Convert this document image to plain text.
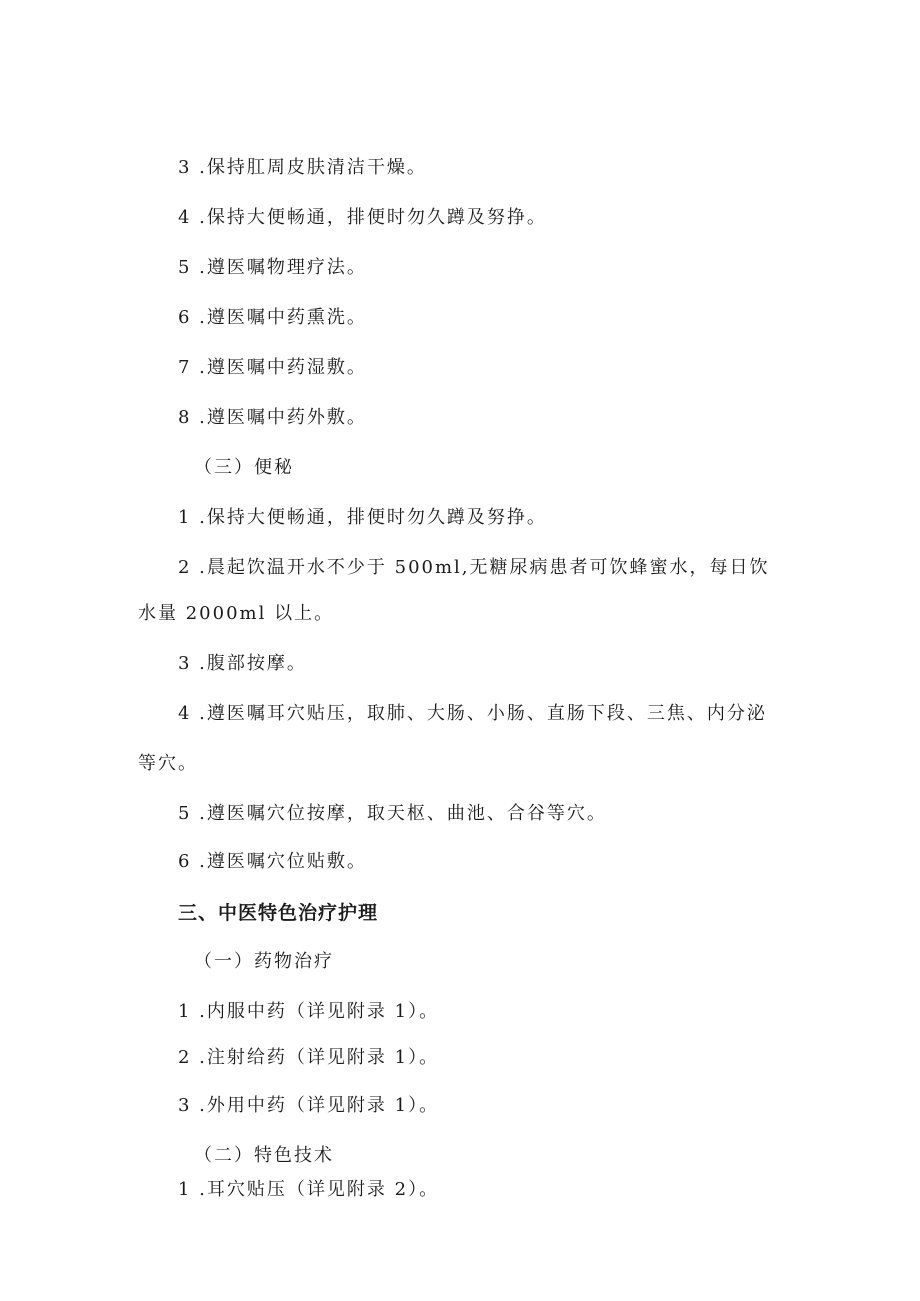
3 .保持肛周皮肤清洁干燥。

4 .保持大便畅通，排便时勿久蹲及努挣。

5 .遵医嘱物理疗法。

6 .遵医嘱中药熏洗。

7 .遵医嘱中药湿敷。

8 .遵医嘱中药外敷。

（三）便秘

1 .保持大便畅通，排便时勿久蹲及努挣。

2 .晨起饮温开水不少于 500ml,无糖尿病患者可饮蜂蜜水，每日饮

水量 2000ml 以上。

3 .腹部按摩。

4 .遵医嘱耳穴贴压，取肺、大肠、小肠、直肠下段、三焦、内分泌

等穴。

5 .遵医嘱穴位按摩，取天枢、曲池、合谷等穴。

6 .遵医嘱穴位贴敷。

三、中医特色治疗护理

（一）药物治疗

1 .内服中药（详见附录 1）。

2 .注射给药（详见附录 1）。

3 .外用中药（详见附录 1）。

（二）特色技术

1 .耳穴贴压（详见附录 2）。
